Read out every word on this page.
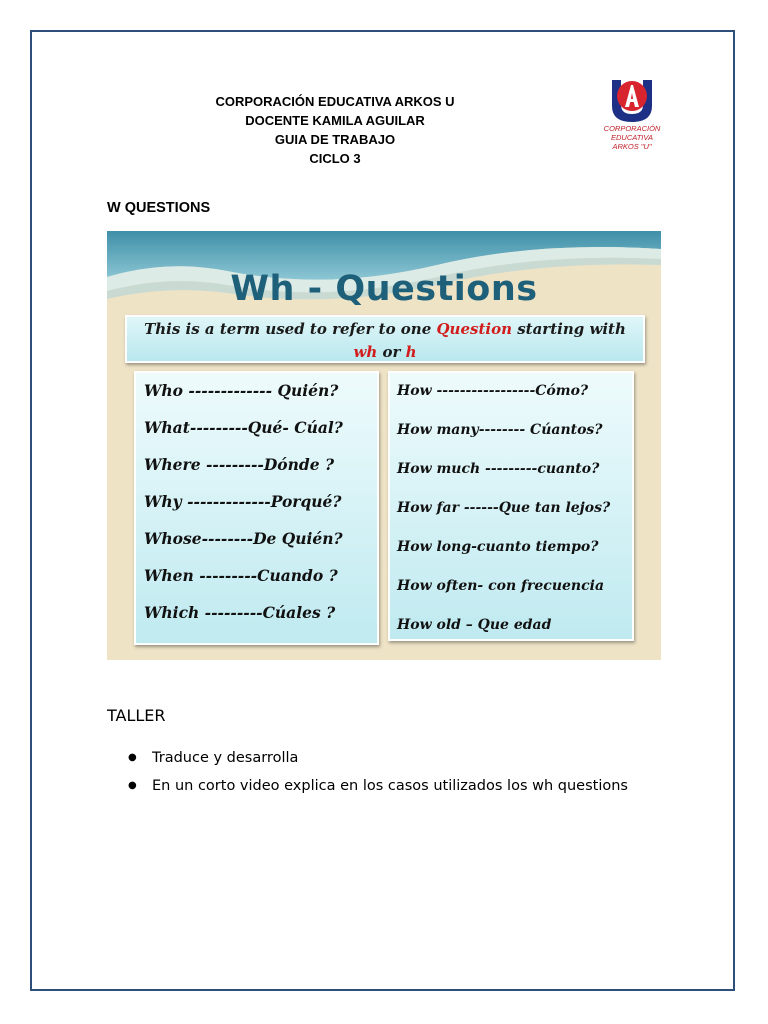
CORPORACIÓN EDUCATIVA ARKOS U
DOCENTE KAMILA AGUILAR
GUIA DE TRABAJO
CICLO 3
CORPORACIÓN EDUCATIVA
ARKOS "U"
W QUESTIONS
Wh - Questions
This is a term used to refer to one Question starting with
wh or h
Who ------------- Quién?
What---------Qué- Cúal?
Where ---------Dónde ?
Why -------------Porqué?
Whose--------De Quién?
When ---------Cuando ?
Which ---------Cúales ?
How -----------------Cómo?
How many-------- Cúantos?
How much ---------cuanto?
How far ------Que tan lejos?
How long-cuanto tiempo?
How often- con frecuencia
How old – Que edad
TALLER
● Traduce y desarrolla
● En un corto video explica en los casos utilizados los wh questions
